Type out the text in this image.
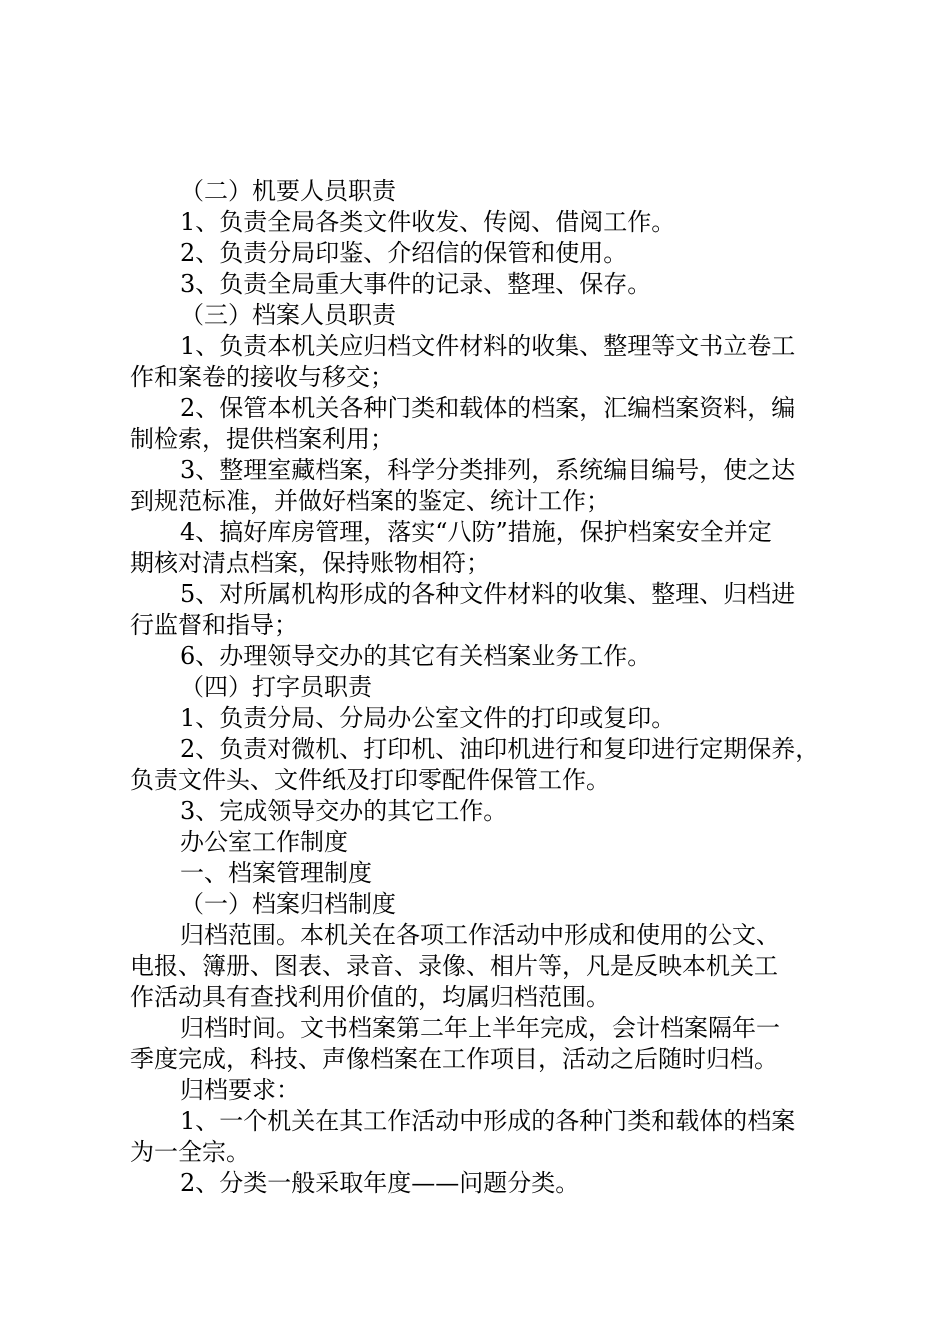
（二）机要人员职责

1、负责全局各类文件收发、传阅、借阅工作。

2、负责分局印鉴、介绍信的保管和使用。

3、负责全局重大事件的记录、整理、保存。

（三）档案人员职责

1、负责本机关应归档文件材料的收集、整理等文书立卷工

作和案卷的接收与移交；

2、保管本机关各种门类和载体的档案，汇编档案资料，编

制检索，提供档案利用；

3、整理室藏档案，科学分类排列，系统编目编号，使之达

到规范标准，并做好档案的鉴定、统计工作；

4、搞好库房管理，落实“八防”措施，保护档案安全并定

期核对清点档案，保持账物相符；

5、对所属机构形成的各种文件材料的收集、整理、归档进

行监督和指导；

6、办理领导交办的其它有关档案业务工作。

（四）打字员职责

1、负责分局、分局办公室文件的打印或复印。

2、负责对微机、打印机、油印机进行和复印进行定期保养，

负责文件头、文件纸及打印零配件保管工作。

3、完成领导交办的其它工作。

办公室工作制度

一、档案管理制度

（一）档案归档制度

归档范围。本机关在各项工作活动中形成和使用的公文、

电报、簿册、图表、录音、录像、相片等，凡是反映本机关工

作活动具有查找利用价值的，均属归档范围。

归档时间。文书档案第二年上半年完成，会计档案隔年一

季度完成，科技、声像档案在工作项目，活动之后随时归档。

归档要求：

1、一个机关在其工作活动中形成的各种门类和载体的档案

为一全宗。

2、分类一般采取年度——问题分类。
